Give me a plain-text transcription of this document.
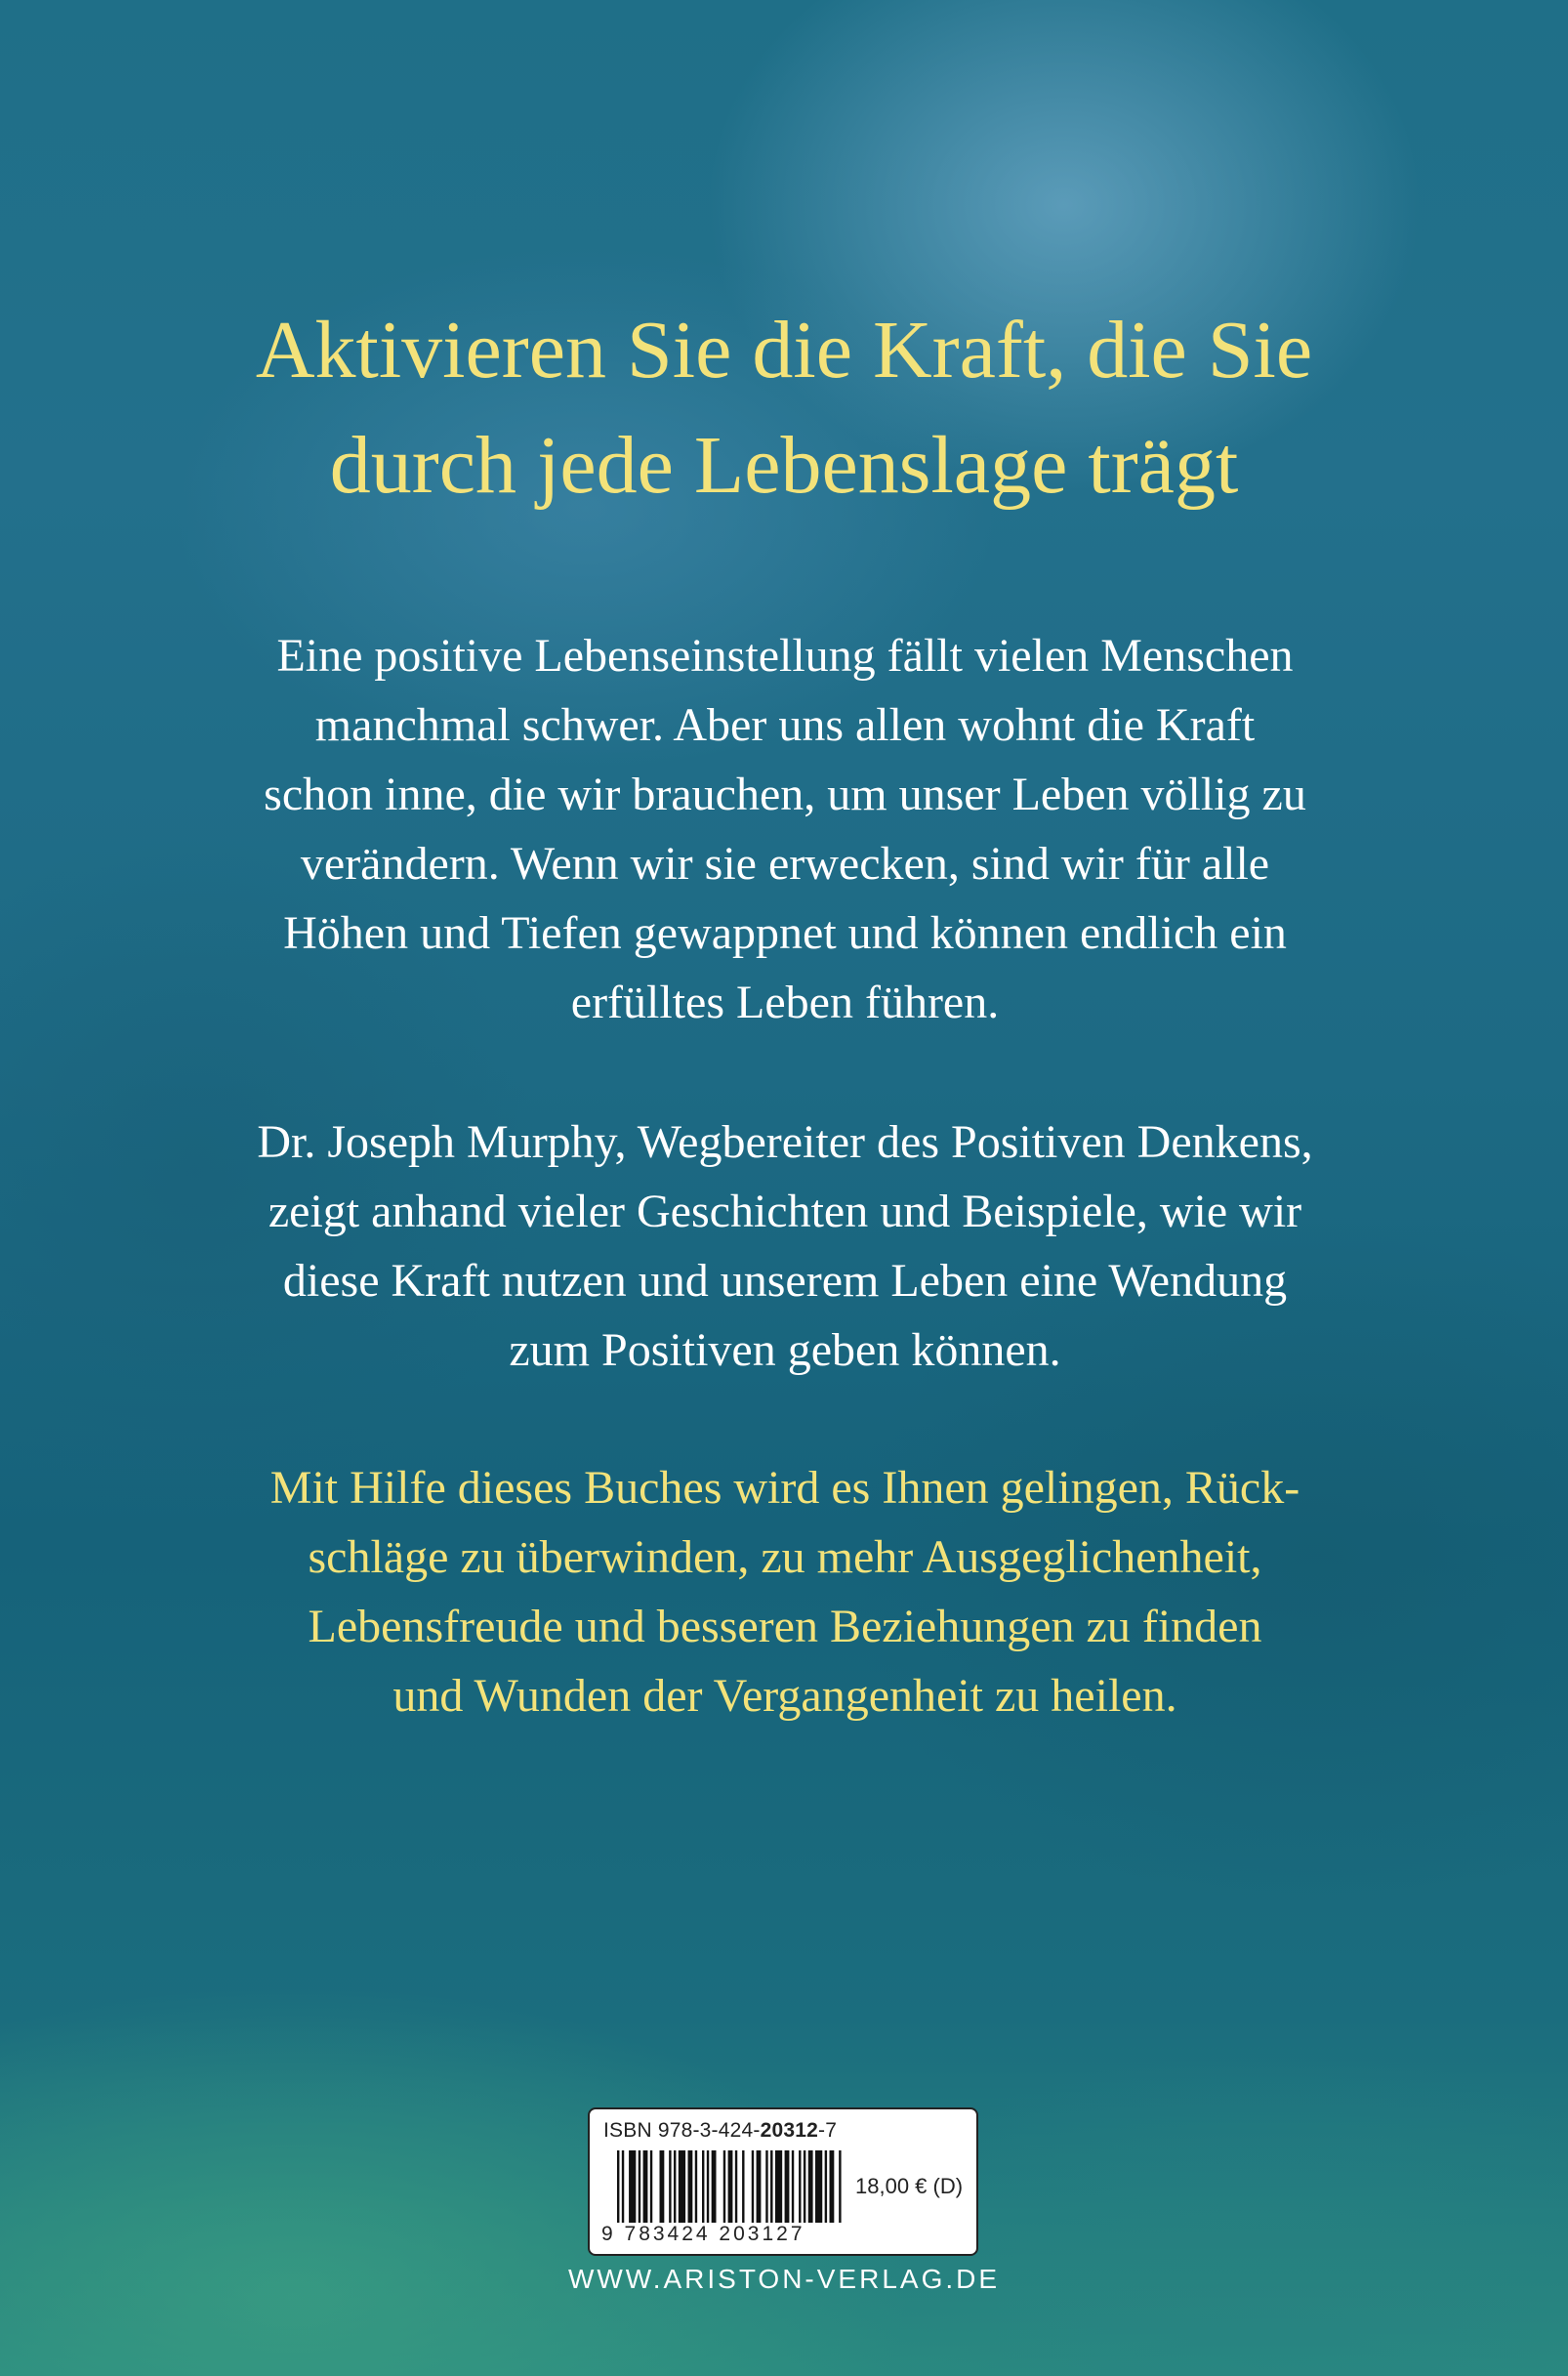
Aktivieren Sie die Kraft, die Sie
durch jede Lebenslage trägt

Eine positive Lebenseinstellung fällt vielen Menschen
manchmal schwer. Aber uns allen wohnt die Kraft
schon inne, die wir brauchen, um unser Leben völlig zu
verändern. Wenn wir sie erwecken, sind wir für alle
Höhen und Tiefen gewappnet und können endlich ein
erfülltes Leben führen.

Dr. Joseph Murphy, Wegbereiter des Positiven Denkens,
zeigt anhand vieler Geschichten und Beispiele, wie wir
diese Kraft nutzen und unserem Leben eine Wendung
zum Positiven geben können.

Mit Hilfe dieses Buches wird es Ihnen gelingen, Rück-
schläge zu überwinden, zu mehr Ausgeglichenheit,
Lebensfreude und besseren Beziehungen zu finden
und Wunden der Vergangenheit zu heilen.

ISBN 978-3-424-20312-7
9 783424 203127
18,00 € (D)
WWW.ARISTON-VERLAG.DE
